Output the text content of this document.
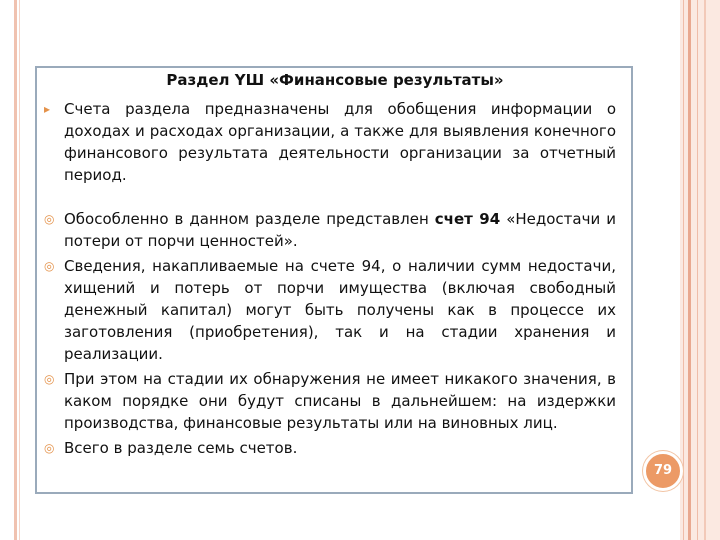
Раздел YШ «Финансовые результаты»
▸ Счета раздела предназначены для обобщения информации о доходах и расходах организации, а также для выявления конечного финансового результата деятельности организации за отчетный период.
◎ Обособленно в данном разделе представлен счет 94 «Недостачи и потери от порчи ценностей».
◎ Сведения, накапливаемые на счете 94, о наличии сумм недостачи, хищений и потерь от порчи имущества (включая свободный денежный капитал) могут быть получены как в процессе их заготовления (приобретения), так и на стадии хранения и реализации.
◎ При этом на стадии их обнаружения не имеет никакого значения, в каком порядке они будут списаны в дальнейшем: на издержки производства, финансовые результаты или на виновных лиц.
◎ Всего в разделе семь счетов.
79
